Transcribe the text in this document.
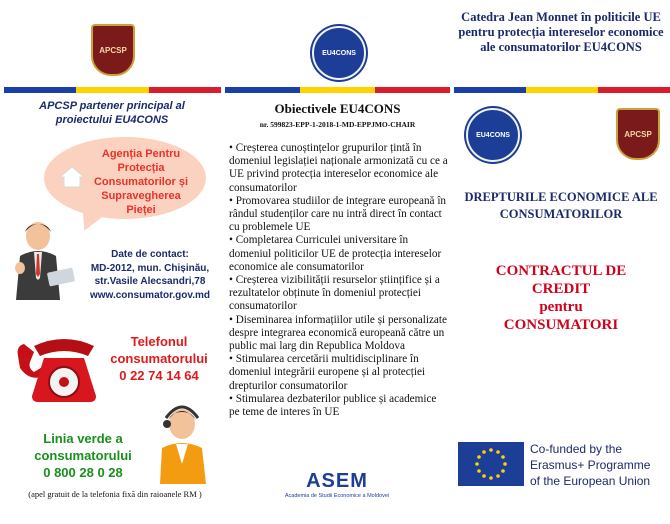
APCSP
APCSP partener principal al proiectului EU4CONS
Agenția Pentru Protecția Consumatorilor și Supravegherea Pieței
Date de contact:
MD-2012, mun. Chișinău,
str.Vasile Alecsandri,78
www.consumator.gov.md
Telefonul consumatorului
0 22 74 14 64
Linia verde a consumatorului
0 800 28 0 28
(apel gratuit de la telefonia fixă din raioanele RM )
EU4CONS
Obiectivele EU4CONS
nr. 599823-EPP-1-2018-1-MD-EPPJMO-CHAIR
• Creșterea cunoștințelor grupurilor țintă în domeniul legislației naționale armonizată cu ce a UE privind protecția intereselor economice ale consumatorilor
• Promovarea studiilor de integrare europeană în rândul studenților care nu intră direct în contact cu problemele UE
• Completarea Curriculei universitare în domeniul politicilor UE de protecția intereselor economice ale consumatorilor
• Creșterea vizibilității resurselor științifice și a rezultatelor obținute în domeniul protecției consumatorilor
• Diseminarea informațiilor utile și personalizate despre integrarea economică europeană către un public mai larg din Republica Moldova
• Stimularea cercetării multidisciplinare în domeniul integrării europene și al protecției drepturilor consumatorilor
• Stimularea dezbaterilor publice și academice pe teme de interes în UE
ASEM
Academia de Studii Economice a Moldovei
Catedra Jean Monnet în politicile UE pentru protecția intereselor economice ale consumatorilor EU4CONS
EU4CONS	APCSP
DREPTURILE ECONOMICE ALE CONSUMATORILOR
CONTRACTUL DE
CREDIT
pentru
CONSUMATORI
Co-funded by the
Erasmus+ Programme
of the European Union
